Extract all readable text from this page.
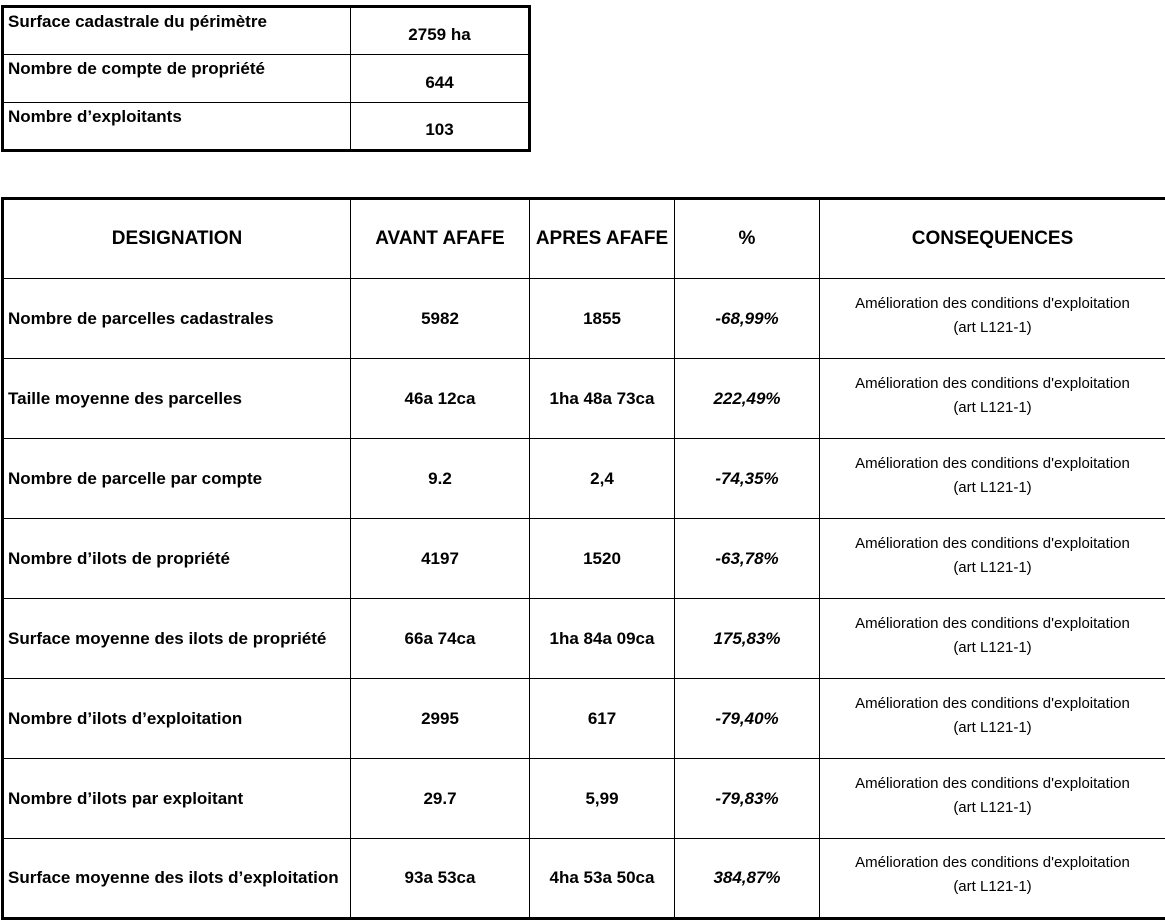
Surface cadastrale du périmètre	2759 ha
Nombre de compte de propriété	644
Nombre d’exploitants	103
DESIGNATION	AVANT AFAFE	APRES AFAFE	%	CONSEQUENCES
Nombre de parcelles cadastrales	5982	1855	-68,99%	Amélioration des conditions d'exploitation
(art L121-1)

Taille moyenne des parcelles	46a 12ca	1ha 48a 73ca	222,49%	Amélioration des conditions d'exploitation
(art L121-1)

Nombre de parcelle par compte	9.2	2,4	-74,35%	Amélioration des conditions d'exploitation
(art L121-1)

Nombre d’ilots de propriété	4197	1520	-63,78%	Amélioration des conditions d'exploitation
(art L121-1)

Surface moyenne des ilots de propriété	66a 74ca	1ha 84a 09ca	175,83%	Amélioration des conditions d'exploitation
(art L121-1)

Nombre d’ilots d’exploitation	2995	617	-79,40%	Amélioration des conditions d'exploitation
(art L121-1)

Nombre d’ilots par exploitant	29.7	5,99	-79,83%	Amélioration des conditions d'exploitation
(art L121-1)

Surface moyenne des ilots d’exploitation	93a 53ca	4ha 53a 50ca	384,87%	Amélioration des conditions d'exploitation
(art L121-1)
